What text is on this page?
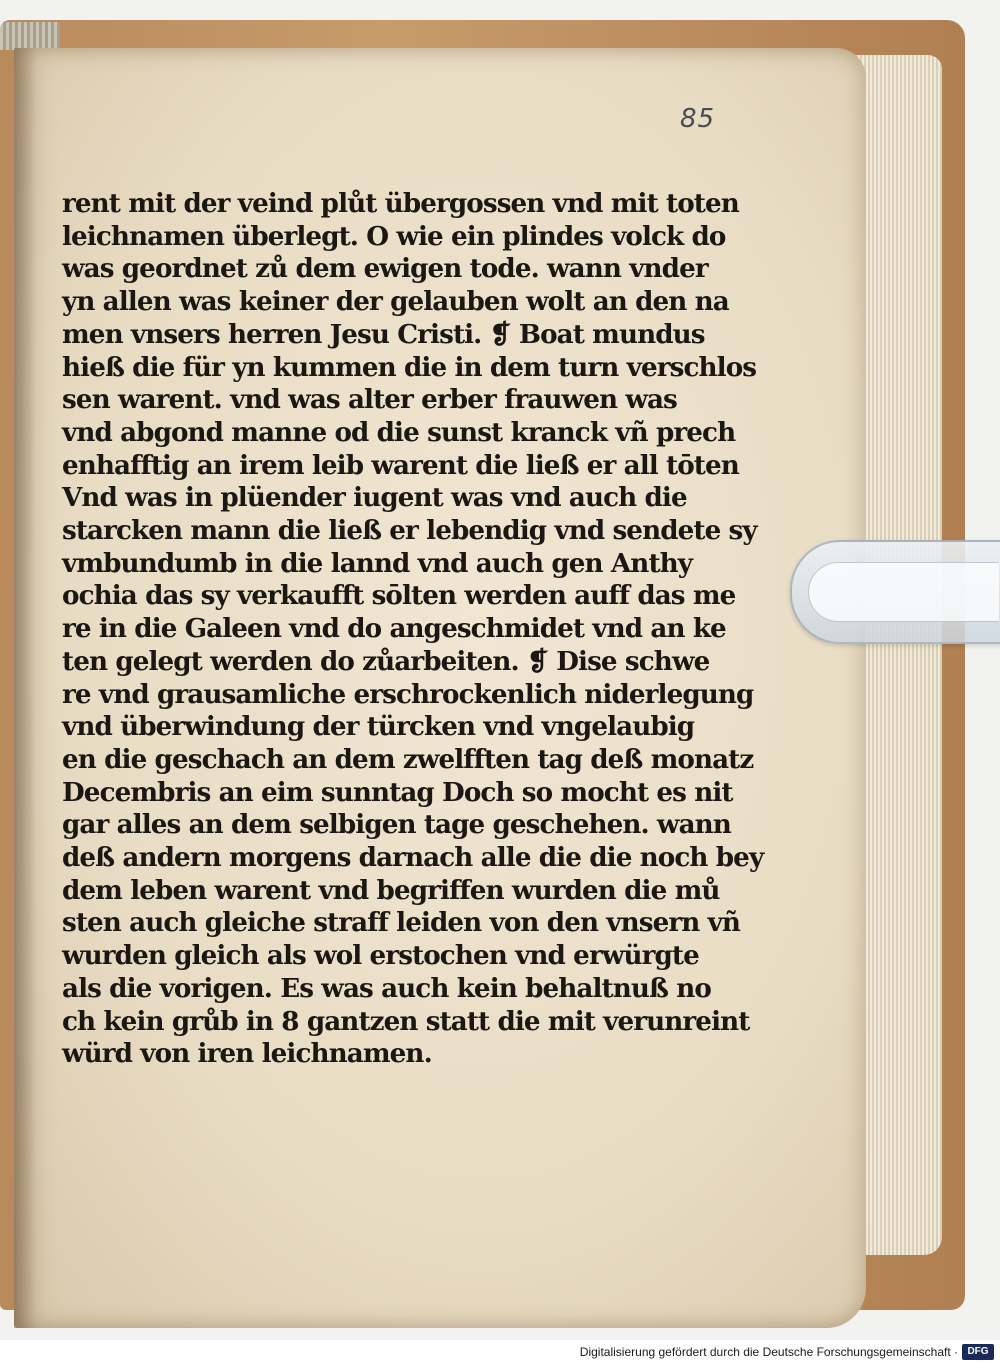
85
rent mit der veind plůt übergossen vnd mit toten
leichnamen überlegt. O wie ein plindes volck do
was geordnet zů dem ewigen tode. wann vnder
yn allen was keiner der gelauben wolt an den na
men vnsers herren Jesu Cristi. ❡ Boat mundus
hieß die für yn kummen die in dem turn verschlos
sen warent. vnd was alter erber frauwen was
vnd abgond manne od die sunst kranck vñ prech
enhafftig an irem leib warent die ließ er all tōten
Vnd was in plüender iugent was vnd auch die
starcken mann die ließ er lebendig vnd sendete sy
vmbundumb in die lannd vnd auch gen Anthy
ochia das sy verkaufft sōlten werden auff das me
re in die Galeen vnd do angeschmidet vnd an ke
ten gelegt werden do zůarbeiten. ❡ Dise schwe
re vnd grausamliche erschrockenlich niderlegung
vnd überwindung der türcken vnd vngelaubig
en die geschach an dem zwelfften tag deß monatz
Decembris an eim sunntag Doch so mocht es nit
gar alles an dem selbigen tage geschehen. wann
deß andern morgens darnach alle die die noch bey
dem leben warent vnd begriffen wurden die mů
sten auch gleiche straff leiden von den vnsern vñ
wurden gleich als wol erstochen vnd erwürgte
als die vorigen. Es was auch kein behaltnuß no
ch kein grůb in 8 gantzen statt die mit verunreint
würd von iren leichnamen.
Digitalisierung gefördert durch die Deutsche Forschungsgemeinschaft · DFG
